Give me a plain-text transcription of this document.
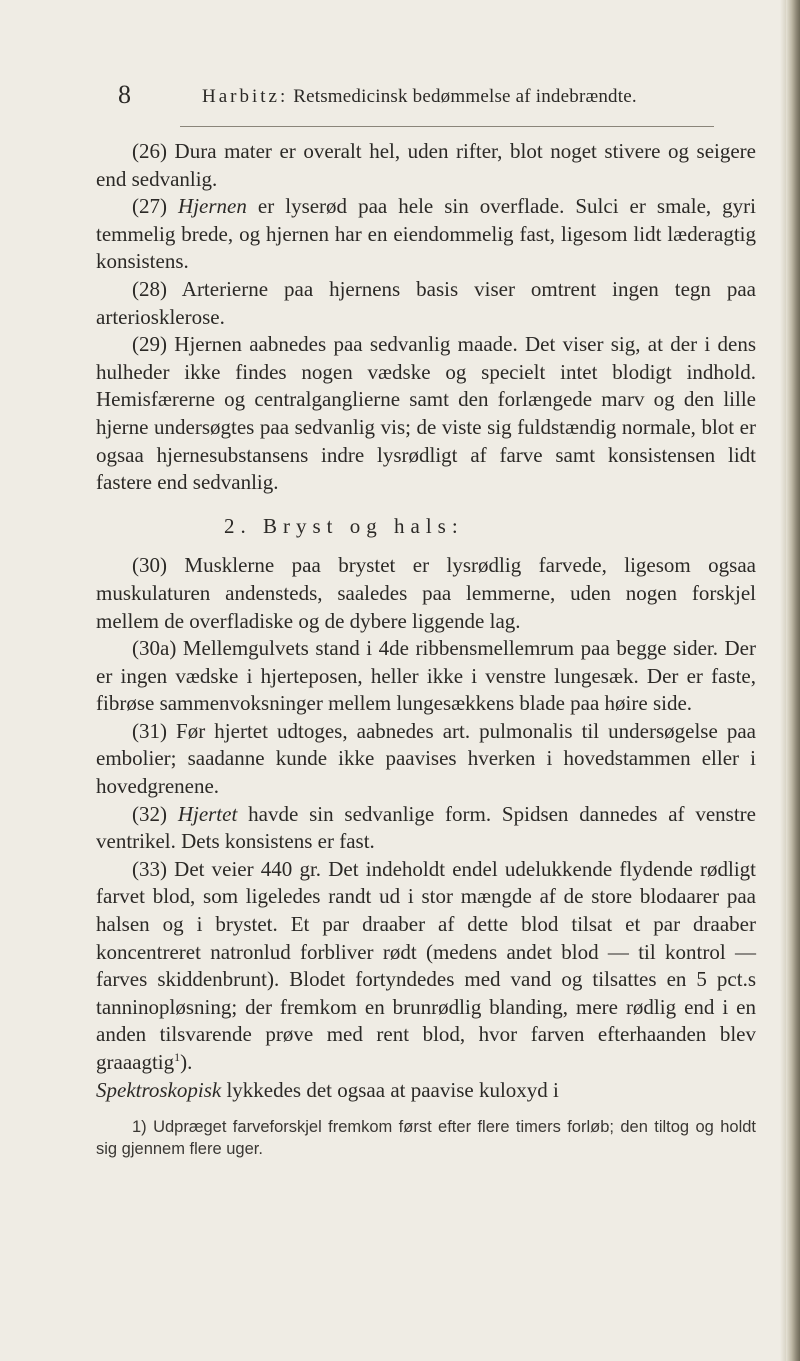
8	Harbitz: Retsmedicinsk bedømmelse af indebrændte.

(26) Dura mater er overalt hel, uden rifter, blot noget stivere og seigere end sedvanlig.

(27) Hjernen er lyserød paa hele sin overflade. Sulci er smale, gyri temmelig brede, og hjernen har en eiendommelig fast, ligesom lidt læderagtig konsistens.

(28) Arterierne paa hjernens basis viser omtrent ingen tegn paa arteriosklerose.

(29) Hjernen aabnedes paa sedvanlig maade. Det viser sig, at der i dens hulheder ikke findes nogen vædske og specielt intet blodigt indhold. Hemisfærerne og centralganglierne samt den forlængede marv og den lille hjerne undersøgtes paa sedvanlig vis; de viste sig fuldstændig normale, blot er ogsaa hjernesubstansens indre lysrødligt af farve samt konsistensen lidt fastere end sedvanlig.

2. Bryst og hals:

(30) Musklerne paa brystet er lysrødlig farvede, ligesom ogsaa muskulaturen andensteds, saaledes paa lemmerne, uden nogen forskjel mellem de overfladiske og de dybere liggende lag.

(30a) Mellemgulvets stand i 4de ribbensmellemrum paa begge sider. Der er ingen vædske i hjerteposen, heller ikke i venstre lungesæk. Der er faste, fibrøse sammenvoksninger mellem lungesækkens blade paa høire side.

(31) Før hjertet udtoges, aabnedes art. pulmonalis til undersøgelse paa embolier; saadanne kunde ikke paavises hverken i hovedstammen eller i hovedgrenene.

(32) Hjertet havde sin sedvanlige form. Spidsen dannedes af venstre ventrikel. Dets konsistens er fast.

(33) Det veier 440 gr. Det indeholdt endel udelukkende flydende rødligt farvet blod, som ligeledes randt ud i stor mængde af de store blodaarer paa halsen og i brystet. Et par draaber af dette blod tilsat et par draaber koncentreret natronlud forbliver rødt (medens andet blod — til kontrol — farves skiddenbrunt). Blodet fortyndedes med vand og tilsattes en 5 pct.s tanninopløsning; der fremkom en brunrødlig blanding, mere rødlig end i en anden tilsvarende prøve med rent blod, hvor farven efterhaanden blev graaagtig$^1$).
Spektroskopisk lykkedes det ogsaa at paavise kuloxyd i

1) Udpræget farveforskjel fremkom først efter flere timers forløb; den tiltog og holdt sig gjennem flere uger.
